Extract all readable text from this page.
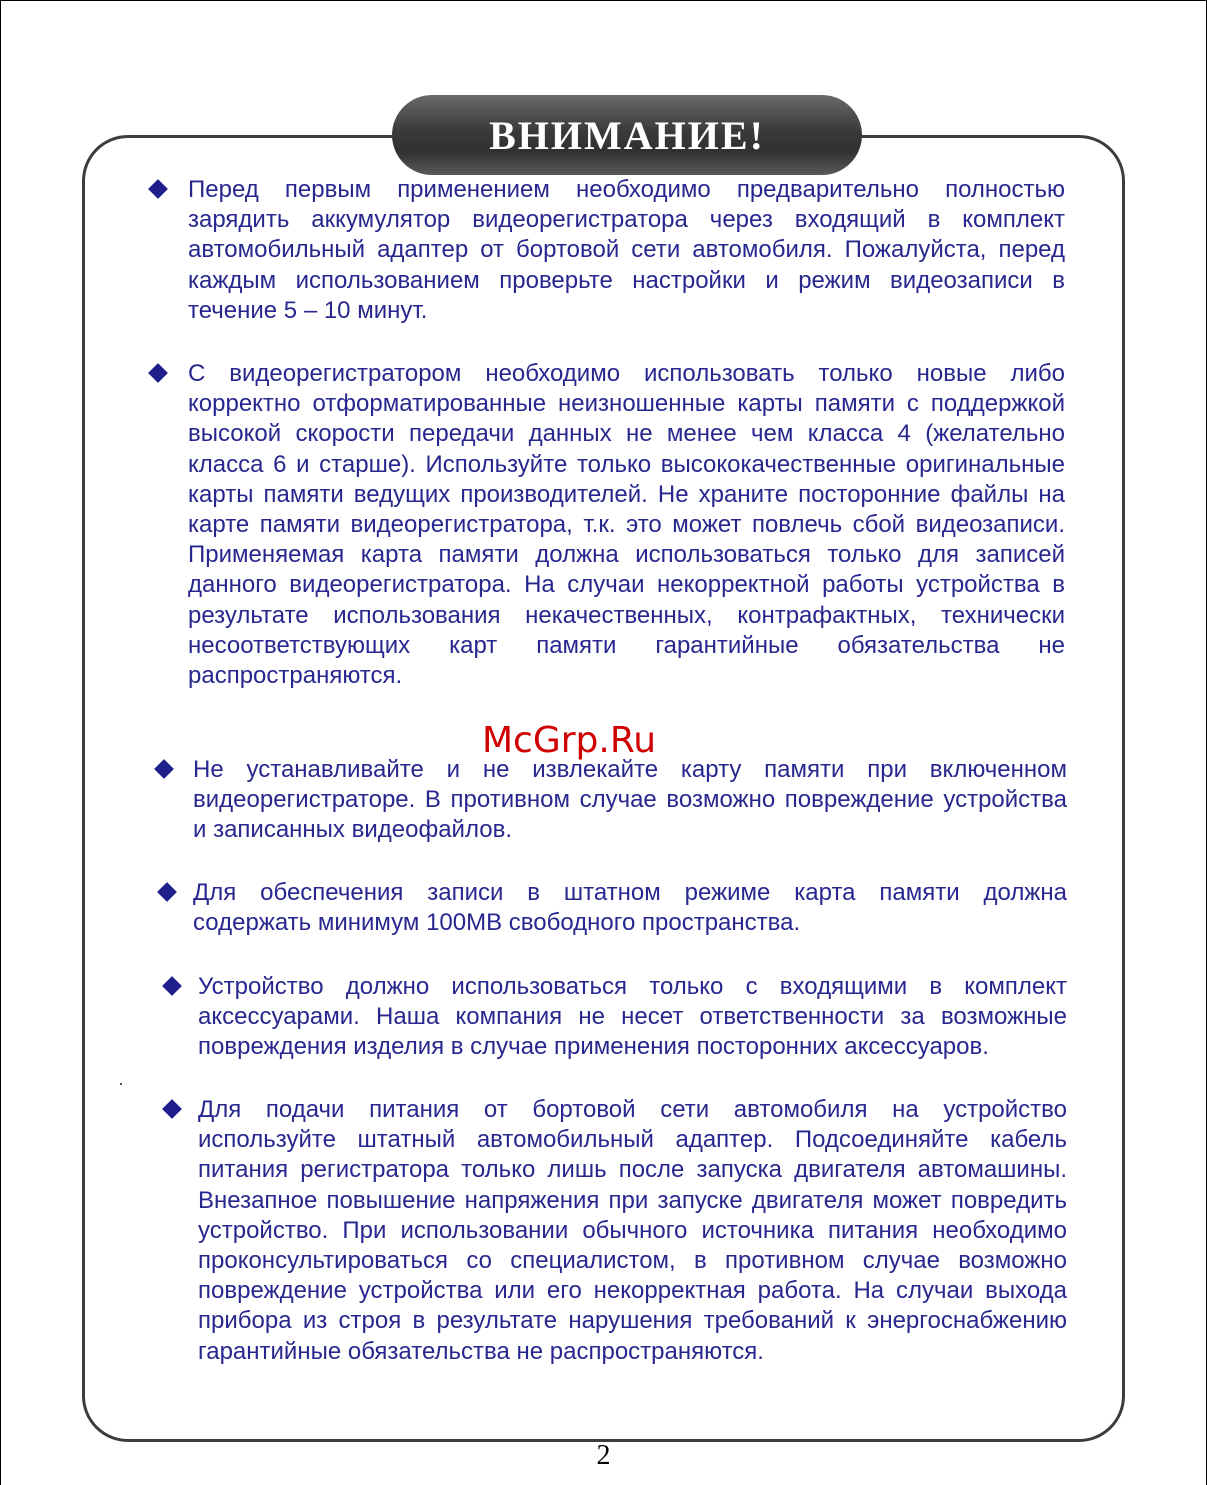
ВНИМАНИЕ!
Перед первым применением необходимо предварительно полностью
зарядить аккумулятор видеорегистратора через входящий в комплект автомобильный адаптер от бортовой сети автомобиля. Пожалуйста, перед каждым использованием проверьте настройки и режим видеозаписи в течение 5 – 10 минут.
С видеорегистратором необходимо использовать только новые либо
корректно отформатированные неизношенные карты памяти с поддержкой высокой скорости передачи данных не менее чем класса 4 (желательно класса 6 и старше). Используйте только высококачественные оригинальные карты памяти ведущих производителей. Не храните посторонние файлы на карте памяти видеорегистратора, т.к. это может повлечь сбой видеозаписи. Применяемая карта памяти должна использоваться только для записей данного видеорегистратора. На случаи некорректной работы устройства в результате использования некачественных, контрафактных, технически несоответствующих карт памяти гарантийные обязательства не распространяются.
Не устанавливайте и не извлекайте карту памяти при включенном
видеорегистраторе. В противном случае возможно повреждение устройства и записанных видеофайлов.
Для обеспечения записи в штатном режиме карта памяти должна
содержать минимум 100MB свободного пространства.
Устройство должно использоваться только с входящими в комплект
аксессуарами. Наша компания не несет ответственности за возможные повреждения изделия в случае применения посторонних аксессуаров.
Для подачи питания от бортовой сети автомобиля на устройство
используйте штатный автомобильный адаптер. Подсоединяйте кабель питания регистратора только лишь после запуска двигателя автомашины. Внезапное повышение напряжения при запуске двигателя может повредить устройство. При использовании обычного источника питания необходимо проконсультироваться со специалистом, в противном случае возможно повреждение устройства или его некорректная работа. На случаи выхода прибора из строя в результате нарушения требований к энергоснабжению гарантийные обязательства не распространяются.
McGrp.Ru
2
